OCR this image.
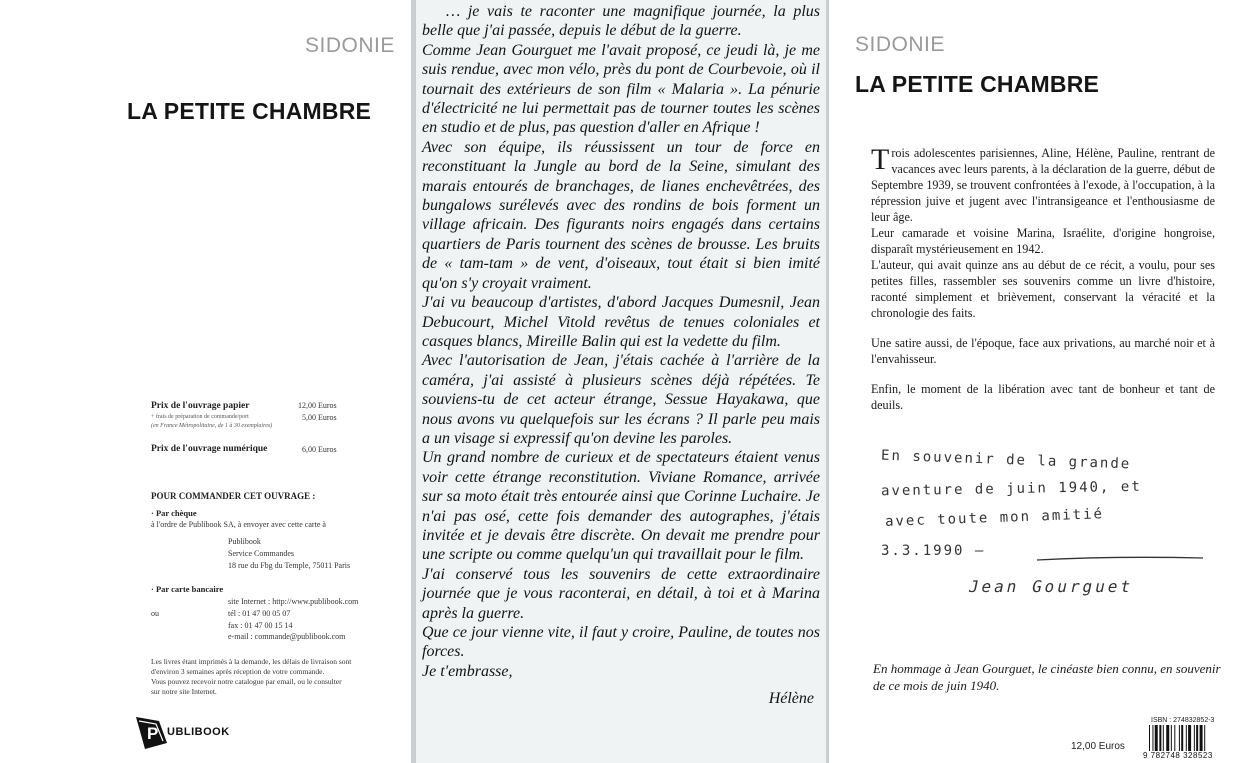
SIDONIE
LA PETITE CHAMBRE
Prix de l'ouvrage papier	12,00 Euros
+ frais de préparation de commande/port	5,00 Euros
(en France Métropolitaine, de 1 à 30 exemplaires)
Prix de l'ouvrage numérique	6,00 Euros
POUR COMMANDER CET OUVRAGE :
· Par chèque
à l'ordre de Publibook SA, à envoyer avec cette carte à
Publibook
Service Commandes
18 rue du Fbg du Temple, 75011 Paris
· Par carte bancaire
site Internet : http://www.publibook.com
ou	tél : 01 47 00 05 07
fax : 01 47 00 15 14
e-mail : commande@publibook.com
Les livres étant imprimés à la demande, les délais de livraison sont
d'environ 3 semaines après réception de votre commande.
Vous pouvez recevoir notre catalogue par email, ou le consulter
sur notre site Internet.
P UBLIBOOK

… je vais te raconter une magnifique journée, la plus belle que j'ai passée, depuis le début de la guerre.

Comme Jean Gourguet me l'avait proposé, ce jeudi là, je me suis rendue, avec mon vélo, près du pont de Courbevoie, où il tournait des extérieurs de son film « Malaria ». La pénurie d'électricité ne lui permettait pas de tourner toutes les scènes en studio et de plus, pas question d'aller en Afrique !

Avec son équipe, ils réussissent un tour de force en reconstituant la Jungle au bord de la Seine, simulant des marais entourés de branchages, de lianes enchevêtrées, des bungalows surélevés avec des rondins de bois forment un village africain. Des figurants noirs engagés dans certains quartiers de Paris tournent des scènes de brousse. Les bruits de « tam-tam » de vent, d'oiseaux, tout était si bien imité qu'on s'y croyait vraiment.

J'ai vu beaucoup d'artistes, d'abord Jacques Dumesnil, Jean Debucourt, Michel Vitold revêtus de tenues coloniales et casques blancs, Mireille Balin qui est la vedette du film.

Avec l'autorisation de Jean, j'étais cachée à l'arrière de la caméra, j'ai assisté à plusieurs scènes déjà répétées. Te souviens-tu de cet acteur étrange, Sessue Hayakawa, que nous avons vu quelquefois sur les écrans ? Il parle peu mais a un visage si expressif qu'on devine les paroles.

Un grand nombre de curieux et de spectateurs étaient venus voir cette étrange reconstitution. Viviane Romance, arrivée sur sa moto était très entourée ainsi que Corinne Luchaire. Je n'ai pas osé, cette fois demander des autographes, j'étais invitée et je devais être discrète. On devait me prendre pour une scripte ou comme quelqu'un qui travaillait pour le film.

J'ai conservé tous les souvenirs de cette extraordinaire journée que je vous raconterai, en détail, à toi et à Marina après la guerre.

Que ce jour vienne vite, il faut y croire, Pauline, de toutes nos forces.

Je t'embrasse,

Hélène

SIDONIE
LA PETITE CHAMBRE

Trois adolescentes parisiennes, Aline, Hélène, Pauline, rentrant de vacances avec leurs parents, à la déclaration de la guerre, début de Septembre 1939, se trouvent confrontées à l'exode, à l'occupation, à la répression juive et jugent avec l'intransigeance et l'enthousiasme de leur âge.

Leur camarade et voisine Marina, Israélite, d'origine hongroise, disparaît mystérieusement en 1942.

L'auteur, qui avait quinze ans au début de ce récit, a voulu, pour ses petites filles, rassembler ses souvenirs comme un livre d'histoire, raconté simplement et brièvement, conservant la véracité et la chronologie des faits.

Une satire aussi, de l'époque, face aux privations, au marché noir et à l'envahisseur.

Enfin, le moment de la libération avec tant de bonheur et tant de deuils.

En souvenir de la grande
aventure de juin 1940, et
avec toute mon amitié
3.3.1990 –
Jean Gourguet
En hommage à Jean Gourguet, le cinéaste bien connu, en souvenir de ce mois de juin 1940.
ISBN : 274832852-3
9 782748 328523
12,00 Euros
